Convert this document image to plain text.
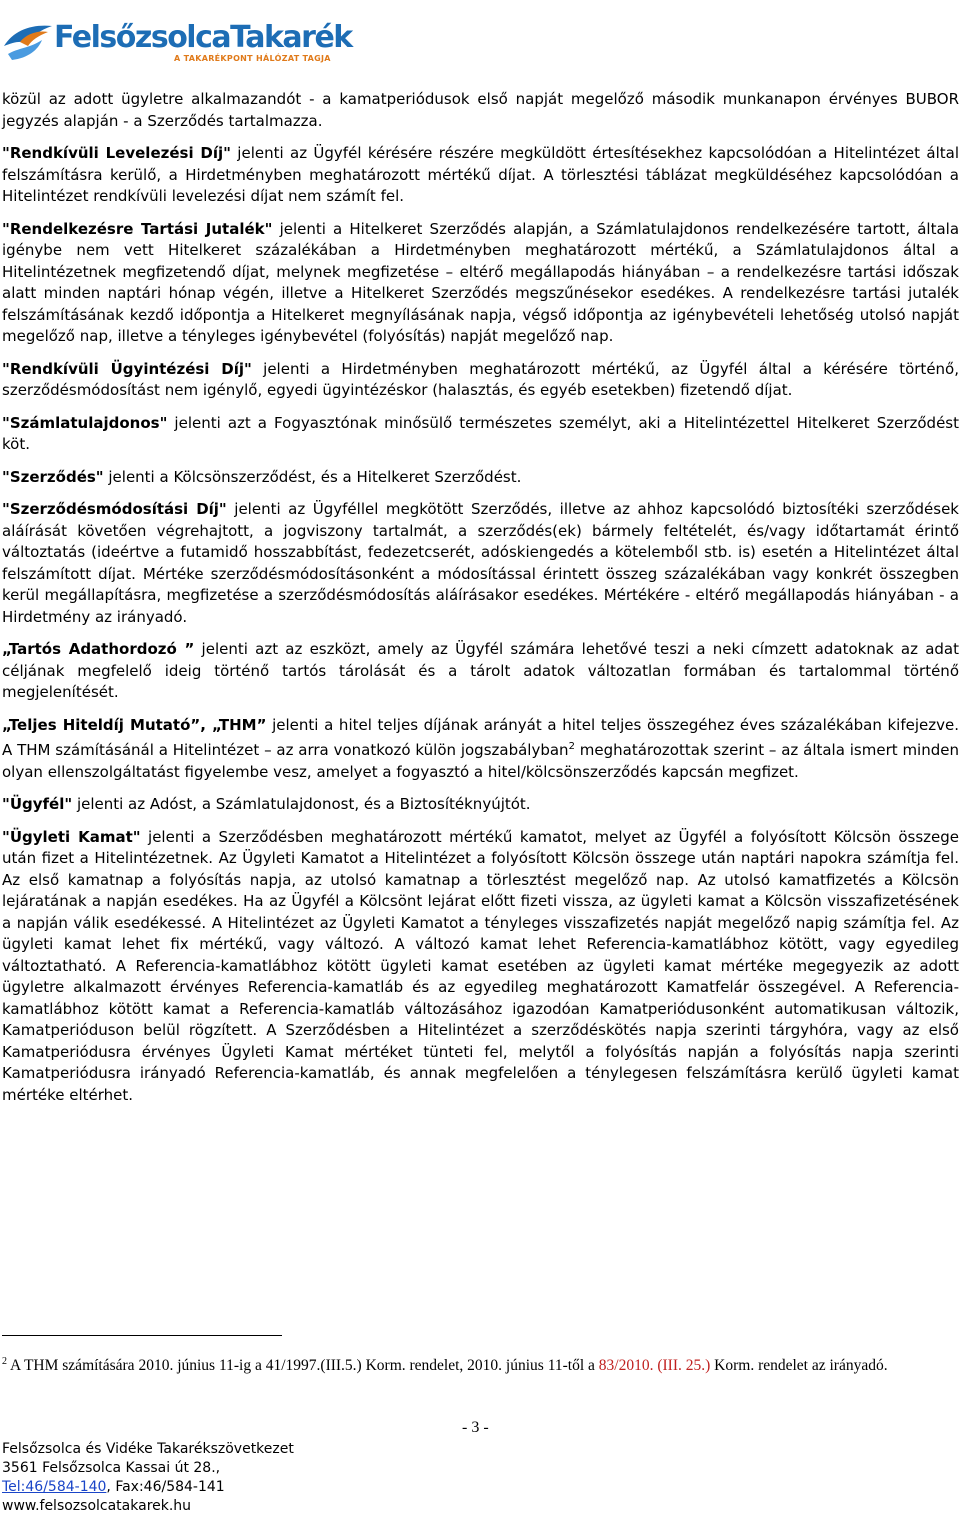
FelsőzsolcaTakarék
A TAKARÉKPONT HÁLÓZAT TAGJA

közül az adott ügyletre alkalmazandót - a kamatperiódusok első napját megelőző második munkanapon érvényes BUBOR jegyzés alapján - a Szerződés tartalmazza.

"Rendkívüli Levelezési Díj" jelenti az Ügyfél kérésére részére megküldött értesítésekhez kapcsolódóan a Hitelintézet által felszámításra kerülő, a Hirdetményben meghatározott mértékű díjat. A törlesztési táblázat megküldéséhez kapcsolódóan a Hitelintézet rendkívüli levelezési díjat nem számít fel.

"Rendelkezésre Tartási Jutalék" jelenti a Hitelkeret Szerződés alapján, a Számlatulajdonos rendelkezésére tartott, általa igénybe nem vett Hitelkeret százalékában a Hirdetményben meghatározott mértékű, a Számlatulajdonos által a Hitelintézetnek megfizetendő díjat, melynek megfizetése – eltérő megállapodás hiányában – a rendelkezésre tartási időszak alatt minden naptári hónap végén, illetve a Hitelkeret Szerződés megszűnésekor esedékes. A rendelkezésre tartási jutalék felszámításának kezdő időpontja a Hitelkeret megnyílásának napja, végső időpontja az igénybevételi lehetőség utolsó napját megelőző nap, illetve a tényleges igénybevétel (folyósítás) napját megelőző nap.

"Rendkívüli Ügyintézési Díj" jelenti a Hirdetményben meghatározott mértékű, az Ügyfél által a kérésére történő, szerződésmódosítást nem igénylő, egyedi ügyintézéskor (halasztás, és egyéb esetekben) fizetendő díjat.

"Számlatulajdonos" jelenti azt a Fogyasztónak minősülő természetes személyt, aki a Hitelintézettel Hitelkeret Szerződést köt.

"Szerződés" jelenti a Kölcsönszerződést, és a Hitelkeret Szerződést.

"Szerződésmódosítási Díj" jelenti az Ügyféllel megkötött Szerződés, illetve az ahhoz kapcsolódó biztosítéki szerződések aláírását követően végrehajtott, a jogviszony tartalmát, a szerződés(ek) bármely feltételét, és/vagy időtartamát érintő változtatás (ideértve a futamidő hosszabbítást, fedezetcserét, adóskiengedés a kötelemből stb. is) esetén a Hitelintézet által felszámított díjat. Mértéke szerződésmódosításonként a módosítással érintett összeg százalékában vagy konkrét összegben kerül megállapításra, megfizetése a szerződésmódosítás aláírásakor esedékes. Mértékére - eltérő megállapodás hiányában - a Hirdetmény az irányadó.

„Tartós Adathordozó ” jelenti azt az eszközt, amely az Ügyfél számára lehetővé teszi a neki címzett adatoknak az adat céljának megfelelő ideig történő tartós tárolását és a tárolt adatok változatlan formában és tartalommal történő megjelenítését.

„Teljes Hiteldíj Mutató”, „THM” jelenti a hitel teljes díjának arányát a hitel teljes összegéhez éves százalékában kifejezve. A THM számításánál a Hitelintézet – az arra vonatkozó külön jogszabályban$^2$ meghatározottak szerint – az általa ismert minden olyan ellenszolgáltatást figyelembe vesz, amelyet a fogyasztó a hitel/kölcsönszerződés kapcsán megfizet.

"Ügyfél" jelenti az Adóst, a Számlatulajdonost, és a Biztosítéknyújtót.

"Ügyleti Kamat" jelenti a Szerződésben meghatározott mértékű kamatot, melyet az Ügyfél a folyósított Kölcsön összege után fizet a Hitelintézetnek. Az Ügyleti Kamatot a Hitelintézet a folyósított Kölcsön összege után naptári napokra számítja fel. Az első kamatnap a folyósítás napja, az utolsó kamatnap a törlesztést megelőző nap. Az utolsó kamatfizetés a Kölcsön lejáratának a napján esedékes. Ha az Ügyfél a Kölcsönt lejárat előtt fizeti vissza, az ügyleti kamat a Kölcsön visszafizetésének a napján válik esedékessé. A Hitelintézet az Ügyleti Kamatot a tényleges visszafizetés napját megelőző napig számítja fel. Az ügyleti kamat lehet fix mértékű, vagy változó. A változó kamat lehet Referencia-kamatlábhoz kötött, vagy egyedileg változtatható. A Referencia-kamatlábhoz kötött ügyleti kamat esetében az ügyleti kamat mértéke megegyezik az adott ügyletre alkalmazott érvényes Referencia-kamatláb és az egyedileg meghatározott Kamatfelár összegével. A Referencia-kamatlábhoz kötött kamat a Referencia-kamatláb változásához igazodóan Kamatperiódusonként automatikusan változik, Kamatperióduson belül rögzített. A Szerződésben a Hitelintézet a szerződéskötés napja szerinti tárgyhóra, vagy az első Kamatperiódusra érvényes Ügyleti Kamat mértéket tünteti fel, melytől a folyósítás napján a folyósítás napja szerinti Kamatperiódusra irányadó Referencia-kamatláb, és annak megfelelően a ténylegesen felszámításra kerülő ügyleti kamat mértéke eltérhet.

$^2$ A THM számítására 2010. június 11-ig a 41/1997.(III.5.) Korm. rendelet, 2010. június 11-től a 83/2010. (III. 25.) Korm. rendelet az irányadó.
- 3 -
Felsőzsolca és Vidéke Takarékszövetkezet
3561 Felsőzsolca Kassai út 28.,
Tel:46/584-140, Fax:46/584-141
www.felsozsolcatakarek.hu
